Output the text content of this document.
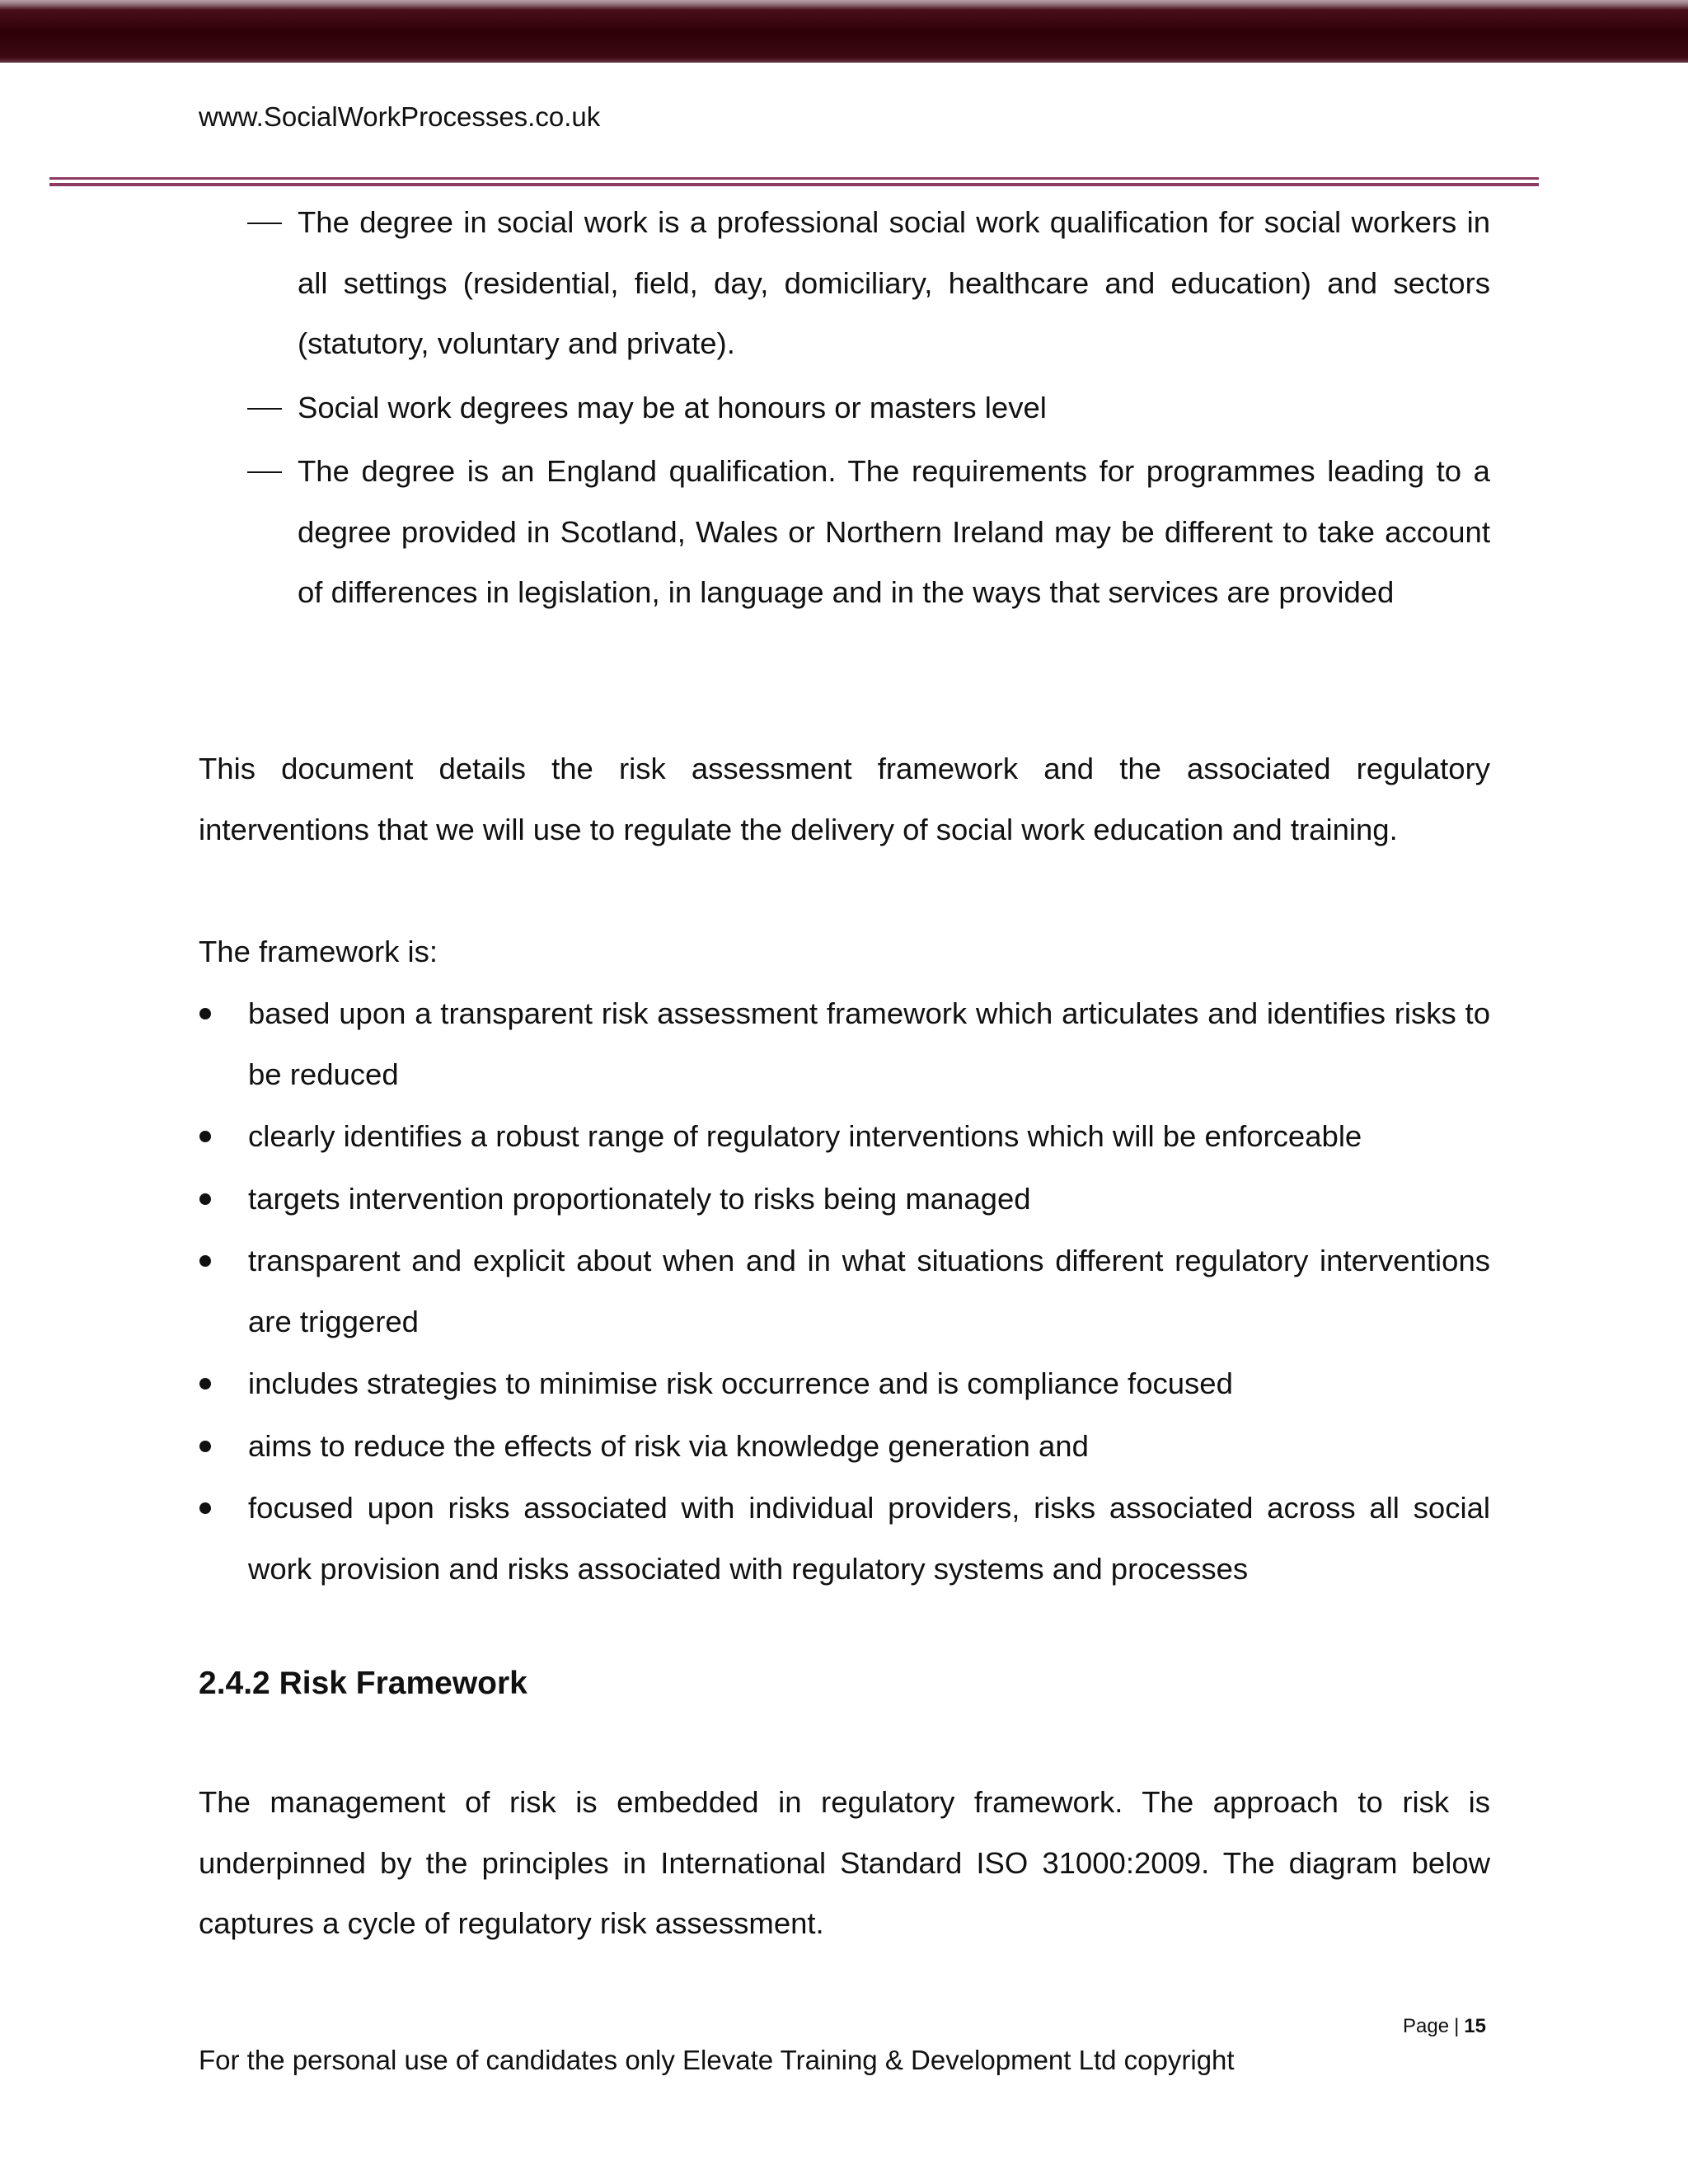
www.SocialWorkProcesses.co.uk
The degree in social work is a professional social work qualification for social workers in all settings (residential, field, day, domiciliary, healthcare and education) and sectors (statutory, voluntary and private).
Social work degrees may be at honours or masters level
The degree is an England qualification. The requirements for programmes leading to a degree provided in Scotland, Wales or Northern Ireland may be different to take account of differences in legislation, in language and in the ways that services are provided

This document details the risk assessment framework and the associated regulatory interventions that we will use to regulate the delivery of social work education and training.

The framework is:

based upon a transparent risk assessment framework which articulates and identifies risks to be reduced
clearly identifies a robust range of regulatory interventions which will be enforceable
targets intervention proportionately to risks being managed
transparent and explicit about when and in what situations different regulatory interventions are triggered
includes strategies to minimise risk occurrence and is compliance focused
aims to reduce the effects of risk via knowledge generation and
focused upon risks associated with individual providers, risks associated across all social work provision and risks associated with regulatory systems and processes
2.4.2 Risk Framework

The management of risk is embedded in regulatory framework. The approach to risk is underpinned by the principles in International Standard ISO 31000:2009. The diagram below captures a cycle of regulatory risk assessment.

Page | 15
For the personal use of candidates only Elevate Training & Development Ltd copyright
